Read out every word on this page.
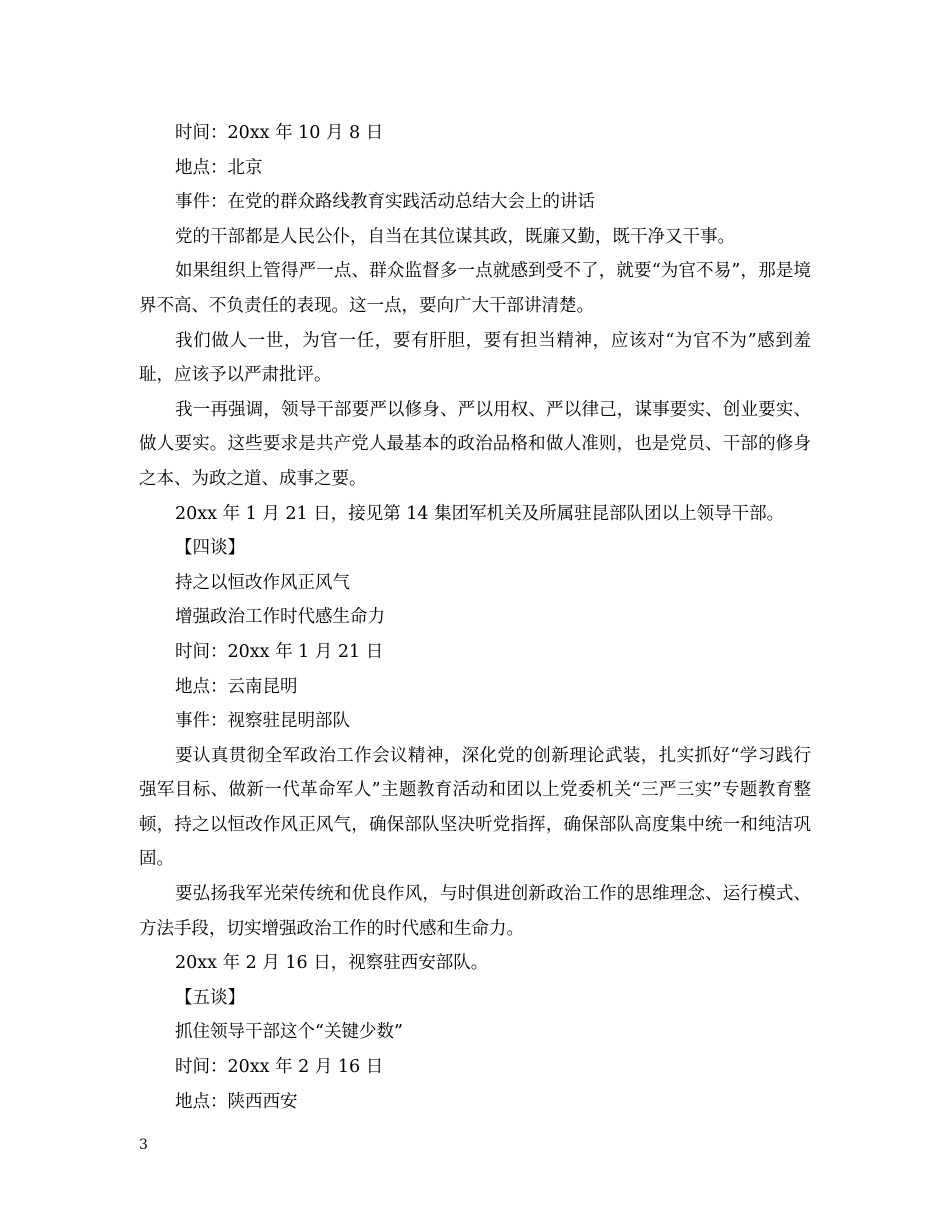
时间：20xx 年 10 月 8 日

地点：北京

事件：在党的群众路线教育实践活动总结大会上的讲话

党的干部都是人民公仆，自当在其位谋其政，既廉又勤，既干净又干事。

如果组织上管得严一点、群众监督多一点就感到受不了，就要“为官不易”，那是境界不高、不负责任的表现。这一点，要向广大干部讲清楚。

我们做人一世，为官一任，要有肝胆，要有担当精神，应该对“为官不为”感到羞耻，应该予以严肃批评。

我一再强调，领导干部要严以修身、严以用权、严以律己，谋事要实、创业要实、做人要实。这些要求是共产党人最基本的政治品格和做人准则，也是党员、干部的修身之本、为政之道、成事之要。

20xx 年 1 月 21 日，接见第 14 集团军机关及所属驻昆部队团以上领导干部。

【四谈】

持之以恒改作风正风气

增强政治工作时代感生命力

时间：20xx 年 1 月 21 日

地点：云南昆明

事件：视察驻昆明部队

要认真贯彻全军政治工作会议精神，深化党的创新理论武装，扎实抓好“学习践行强军目标、做新一代革命军人”主题教育活动和团以上党委机关“三严三实”专题教育整顿，持之以恒改作风正风气，确保部队坚决听党指挥，确保部队高度集中统一和纯洁巩固。

要弘扬我军光荣传统和优良作风，与时俱进创新政治工作的思维理念、运行模式、方法手段，切实增强政治工作的时代感和生命力。

20xx 年 2 月 16 日，视察驻西安部队。

【五谈】

抓住领导干部这个“关键少数”

时间：20xx 年 2 月 16 日

地点：陕西西安

3
